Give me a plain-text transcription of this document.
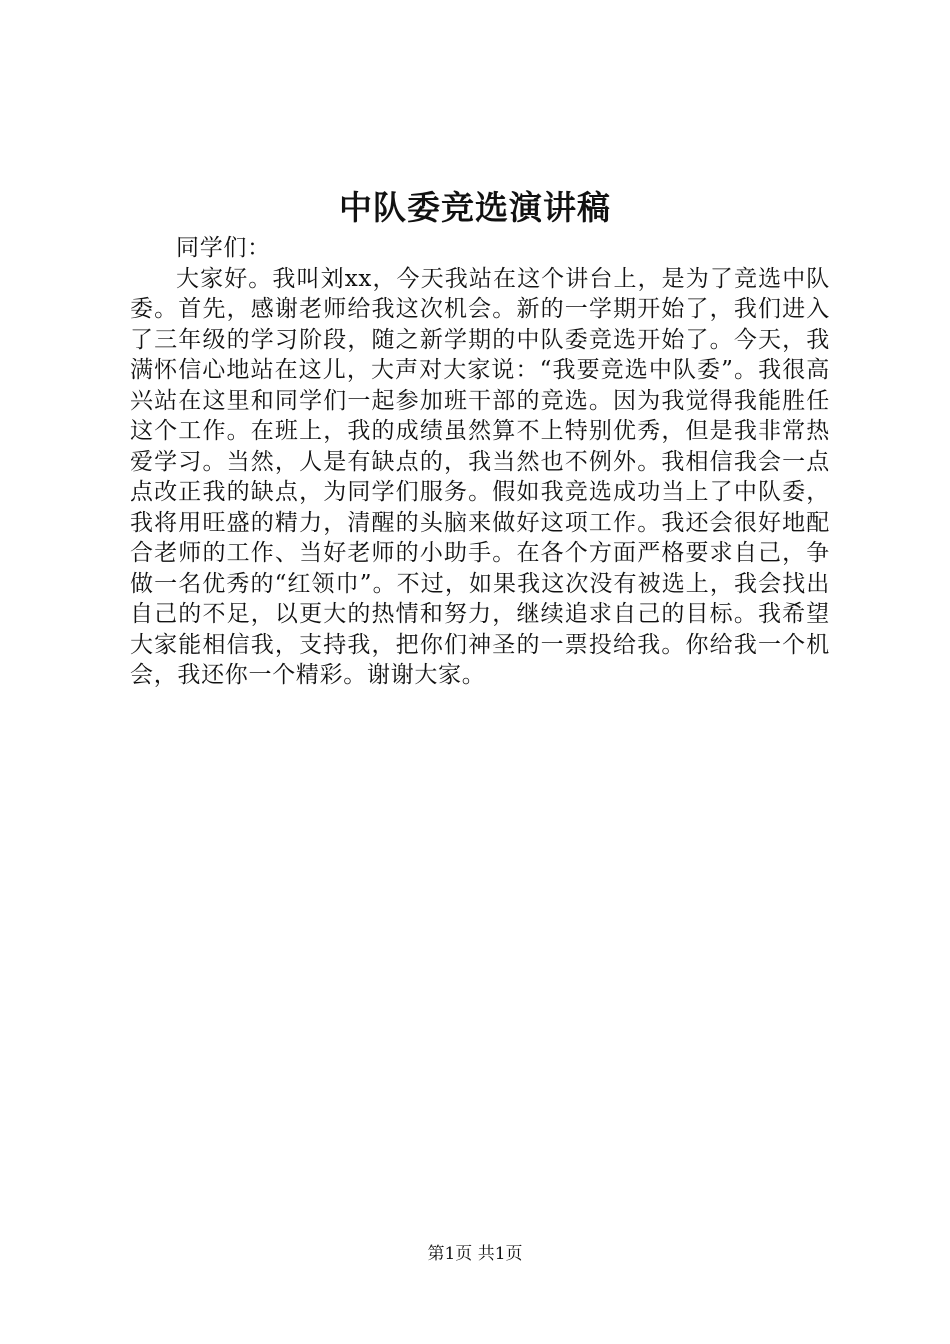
中队委竞选演讲稿

同学们：

大家好。我叫刘xx，今天我站在这个讲台上，是为了竞选中队委。首先，感谢老师给我这次机会。新的一学期开始了，我们进入了三年级的学习阶段，随之新学期的中队委竞选开始了。今天，我满怀信心地站在这儿，大声对大家说：“我要竞选中队委”。我很高兴站在这里和同学们一起参加班干部的竞选。因为我觉得我能胜任这个工作。在班上，我的成绩虽然算不上特别优秀，但是我非常热爱学习。当然，人是有缺点的，我当然也不例外。我相信我会一点点改正我的缺点，为同学们服务。假如我竞选成功当上了中队委，我将用旺盛的精力，清醒的头脑来做好这项工作。我还会很好地配合老师的工作、当好老师的小助手。在各个方面严格要求自己，争做一名优秀的“红领巾”。不过，如果我这次没有被选上，我会找出自己的不足，以更大的热情和努力，继续追求自己的目标。我希望大家能相信我，支持我，把你们神圣的一票投给我。你给我一个机会，我还你一个精彩。谢谢大家。

第1页 共1页
